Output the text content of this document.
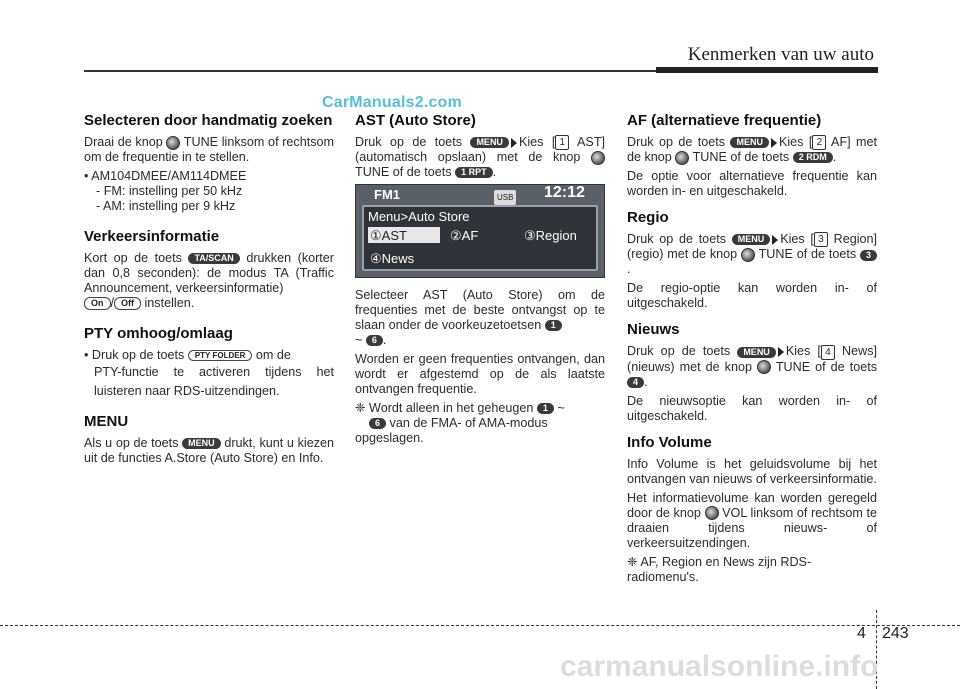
Kenmerken van uw auto
CarManuals2.com
Selecteren door handmatig zoeken

Draai de knop TUNE linksom of rechtsom om de frequentie in te stellen.

• AM104DMEE/AM114DMEE

- FM: instelling per 50 kHz

- AM: instelling per 9 kHz

Verkeersinformatie

Kort op de toets TA/SCAN drukken (korter dan 0,8 seconden): de modus TA (Traffic Announcement, verkeersinformatie)
On / Off instellen.

PTY omhoog/omlaag

• Druk op de toets PTY FOLDER om de

PTY-functie te activeren tijdens het luisteren naar RDS-uitzendingen.

MENU

Als u op de toets MENU drukt, kunt u kiezen uit de functies A.Store (Auto Store) en Info.

AST (Auto Store)

Druk op de toets MENU Kies [ 1 AST] (automatisch opslaan) met de knop  TUNE of de toets 1 RPT .

FM1	USB 12:12
Menu>Auto Store
①AST	②AF	③Region
④News

Selecteer AST (Auto Store) om de frequenties met de beste ontvangst op te slaan onder de voorkeuzetoetsen 1
~ 6 .

Worden er geen frequenties ontvangen, dan wordt er afgestemd op de als laatste ontvangen frequentie.

❈ Wordt alleen in het geheugen 1 ~
6 van de FMA- of AMA-modus opgeslagen.

AF (alternatieve frequentie)

Druk op de toets MENU Kies [ 2 AF] met de knop TUNE of de toets 2 RDM .

De optie voor alternatieve frequentie kan worden in- en uitgeschakeld.

Regio

Druk op de toets MENU Kies [ 3 Region] (regio) met de knop TUNE of de toets 3.

De regio-optie kan worden in- of uitgeschakeld.

Nieuws

Druk op de toets MENU Kies [ 4 News] (nieuws) met de knop TUNE of de toets 4 .

De nieuwsoptie kan worden in- of uitgeschakeld.

Info Volume

Info Volume is het geluidsvolume bij het ontvangen van nieuws of verkeersinformatie.

Het informatievolume kan worden geregeld door de knop VOL linksom of rechtsom te draaien tijdens nieuws- of verkeersuitzendingen.

❈ AF, Region en News zijn RDS-radiomenu's.

4 243
carmanualsonline.info
